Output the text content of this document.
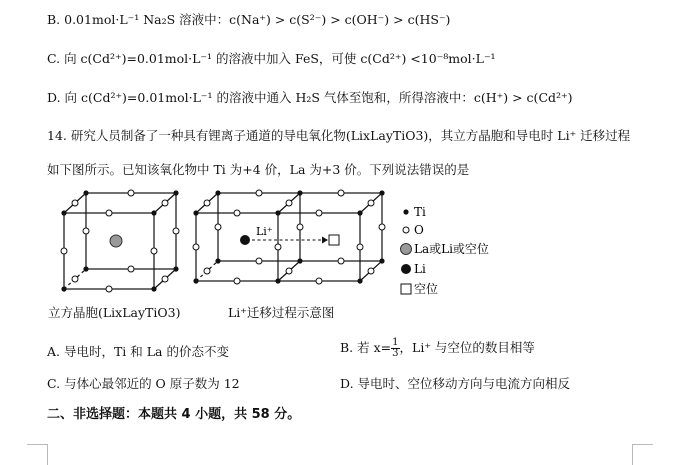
B. 0.01mol·L⁻¹ Na₂S 溶液中：c(Na⁺) > c(S²⁻) > c(OH⁻) > c(HS⁻)
C. 向 c(Cd²⁺)=0.01mol·L⁻¹ 的溶液中加入 FeS，可使 c(Cd²⁺) <10⁻⁸mol·L⁻¹
D. 向 c(Cd²⁺)=0.01mol·L⁻¹ 的溶液中通入 H₂S 气体至饱和，所得溶液中：c(H⁺) > c(Cd²⁺)
14. 研究人员制备了一种具有锂离子通道的导电氧化物(LixLayTiO3)，其立方晶胞和导电时 Li⁺ 迁移过程
如下图所示。已知该氧化物中 Ti 为+4 价，La 为+3 价。下列说法错误的是
Li⁺
Ti
O
La或Li或空位
Li
空位
立方晶胞(LixLayTiO3)	Li⁺迁移过程示意图
A. 导电时，Ti 和 La 的价态不变	B. 若 $x= \frac{1}{3}$ ，Li⁺ 与空位的数目相等
C. 与体心最邻近的 O 原子数为 12	D. 导电时、空位移动方向与电流方向相反
二、非选择题：本题共 4 小题，共 58 分。
